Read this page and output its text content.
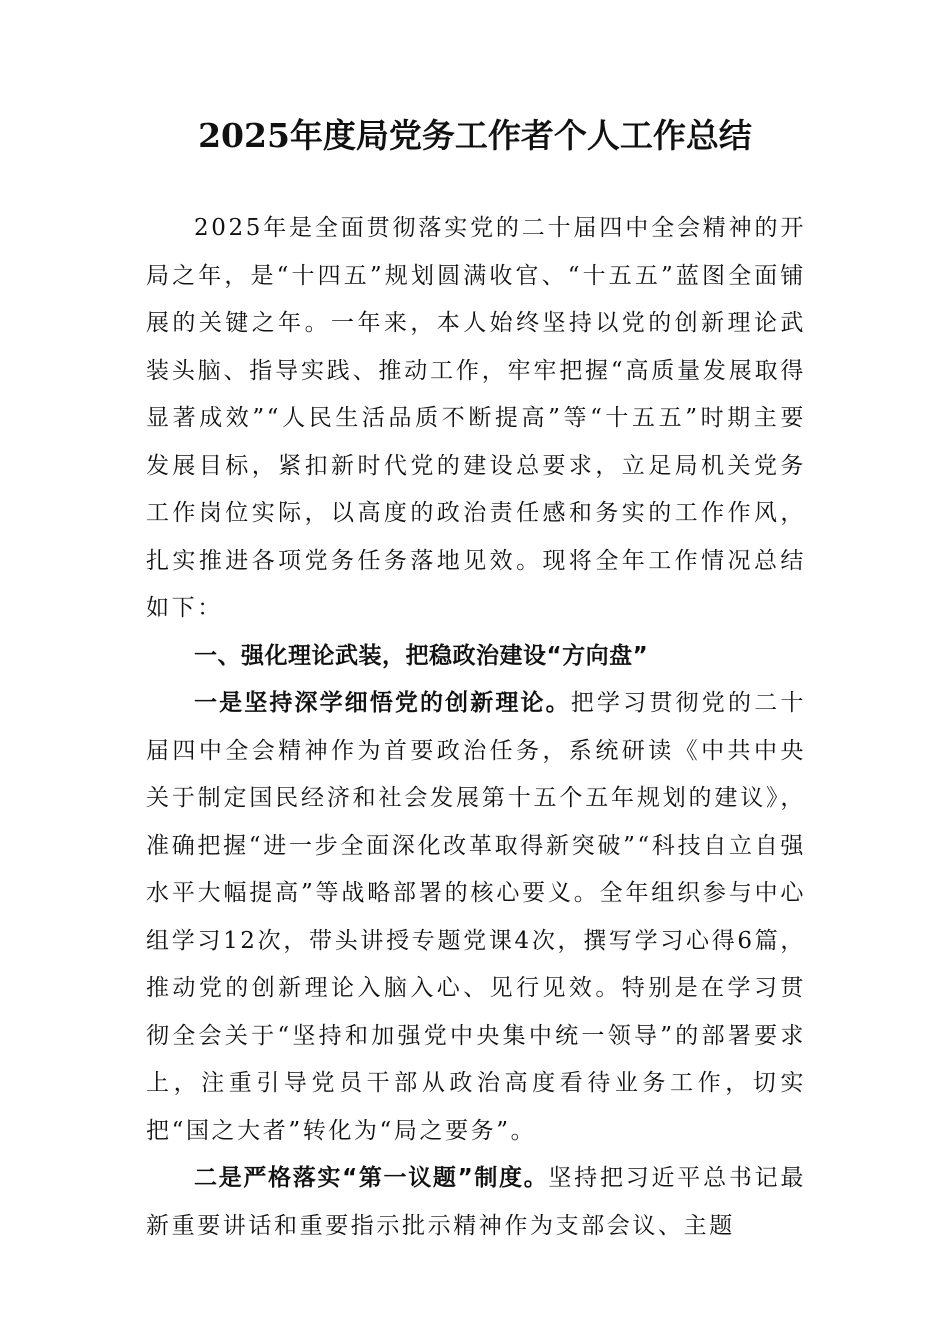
2025年度局党务工作者个人工作总结

2025年是全面贯彻落实党的二十届四中全会精神的开局之年，是“十四五”规划圆满收官、“十五五”蓝图全面铺展的关键之年。一年来，本人始终坚持以党的创新理论武装头脑、指导实践、推动工作，牢牢把握“高质量发展取得显著成效”“人民生活品质不断提高”等“十五五”时期主要发展目标，紧扣新时代党的建设总要求，立足局机关党务工作岗位实际，以高度的政治责任感和务实的工作作风，扎实推进各项党务任务落地见效。现将全年工作情况总结如下：

一、强化理论武装，把稳政治建设“方向盘”

一是坚持深学细悟党的创新理论。把学习贯彻党的二十届四中全会精神作为首要政治任务，系统研读《中共中央关于制定国民经济和社会发展第十五个五年规划的建议》，准确把握“进一步全面深化改革取得新突破”“科技自立自强水平大幅提高”等战略部署的核心要义。全年组织参与中心组学习12次，带头讲授专题党课4次，撰写学习心得6篇，推动党的创新理论入脑入心、见行见效。特别是在学习贯彻全会关于“坚持和加强党中央集中统一领导”的部署要求上，注重引导党员干部从政治高度看待业务工作，切实把“国之大者”转化为“局之要务”。

二是严格落实“第一议题”制度。坚持把习近平总书记最新重要讲话和重要指示批示精神作为支部会议、主题
